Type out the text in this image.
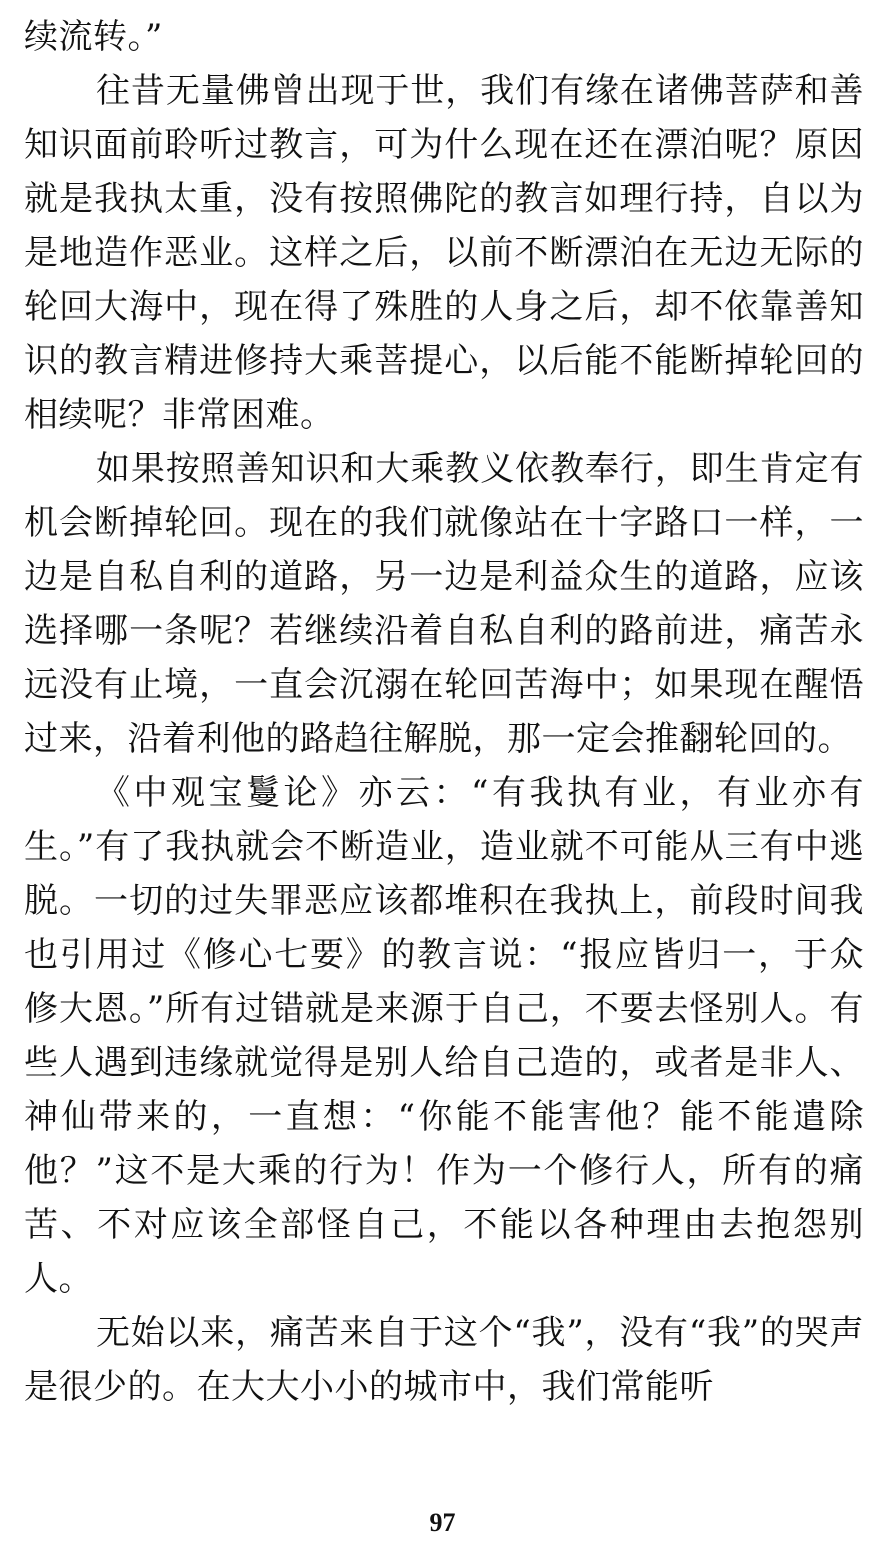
续流转。”

往昔无量佛曾出现于世，我们有缘在诸佛菩萨和善知识面前聆听过教言，可为什么现在还在漂泊呢？原因就是我执太重，没有按照佛陀的教言如理行持，自以为是地造作恶业。这样之后，以前不断漂泊在无边无际的轮回大海中，现在得了殊胜的人身之后，却不依靠善知识的教言精进修持大乘菩提心，以后能不能断掉轮回的相续呢？非常困难。

如果按照善知识和大乘教义依教奉行，即生肯定有机会断掉轮回。现在的我们就像站在十字路口一样，一边是自私自利的道路，另一边是利益众生的道路，应该选择哪一条呢？若继续沿着自私自利的路前进，痛苦永远没有止境，一直会沉溺在轮回苦海中；如果现在醒悟过来，沿着利他的路趋往解脱，那一定会推翻轮回的。

《中观宝鬘论》亦云：“有我执有业，有业亦有生。”有了我执就会不断造业，造业就不可能从三有中逃脱。一切的过失罪恶应该都堆积在我执上，前段时间我也引用过《修心七要》的教言说：“报应皆归一，于众修大恩。”所有过错就是来源于自己，不要去怪别人。有些人遇到违缘就觉得是别人给自己造的，或者是非人、神仙带来的，一直想：“你能不能害他？能不能遣除他？”这不是大乘的行为！作为一个修行人，所有的痛苦、不对应该全部怪自己，不能以各种理由去抱怨别人。

无始以来，痛苦来自于这个“我”，没有“我”的哭声是很少的。在大大小小的城市中，我们常能听

97
